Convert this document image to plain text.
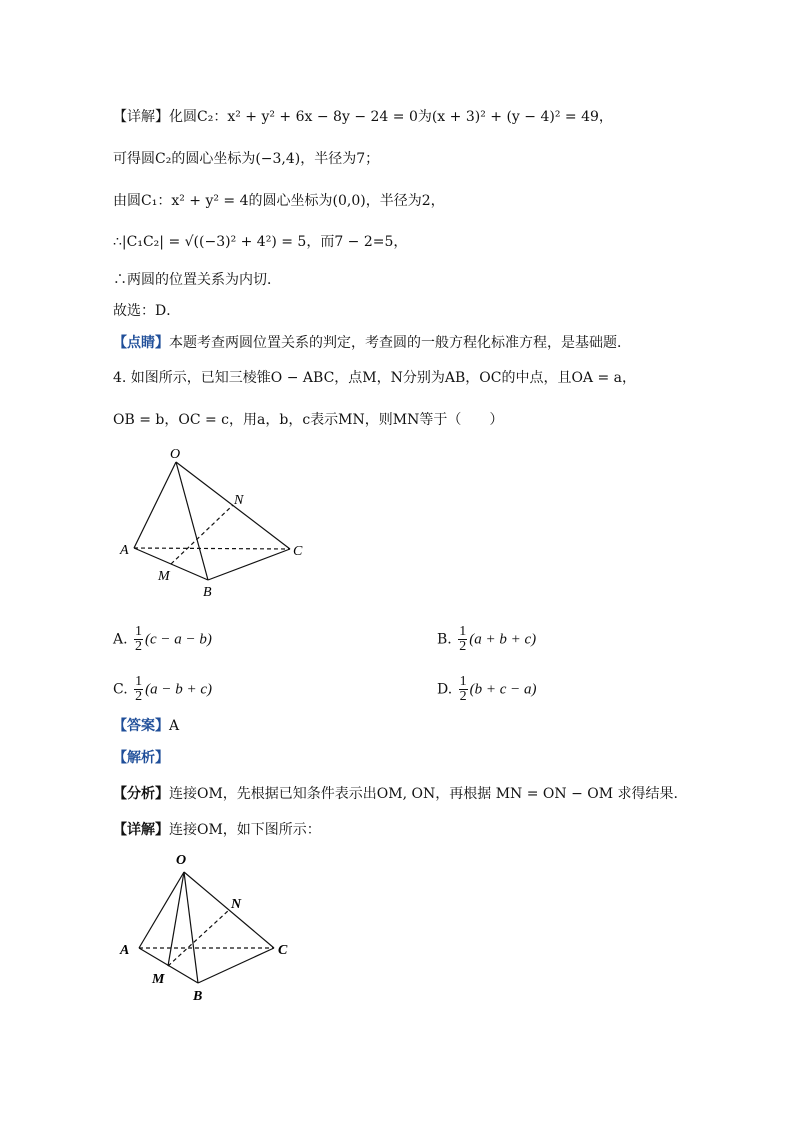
【详解】化圆C₂：x² + y² + 6x − 8y − 24 = 0为(x + 3)² + (y − 4)² = 49，
可得圆C₂的圆心坐标为(−3,4)，半径为7；
由圆C₁：x² + y² = 4的圆心坐标为(0,0)，半径为2，
∴|C₁C₂| = √((−3)² + 4²) = 5，而7 − 2=5，
∴两圆的位置关系为内切．
故选：D．
【点睛】本题考查两圆位置关系的判定，考查圆的一般方程化标准方程，是基础题．
4. 如图所示，已知三棱锥O − ABC，点M，N分别为AB，OC的中点，且OA = a，
OB = b，OC = c，用a，b，c表示MN，则MN等于（　　）
O
A
B
C
M
N
A. $\frac{1}{2} (c - a - b)$	B. $\frac{1}{2} (a + b + c)$
C. $\frac{1}{2} (a - b + c)$	D. $\frac{1}{2} (b + c - a)$
【答案】A
【解析】
【分析】连接OM，先根据已知条件表示出OM, ON，再根据 MN = ON − OM 求得结果.
【详解】连接OM，如下图所示：
O
A
B
C
M
N
